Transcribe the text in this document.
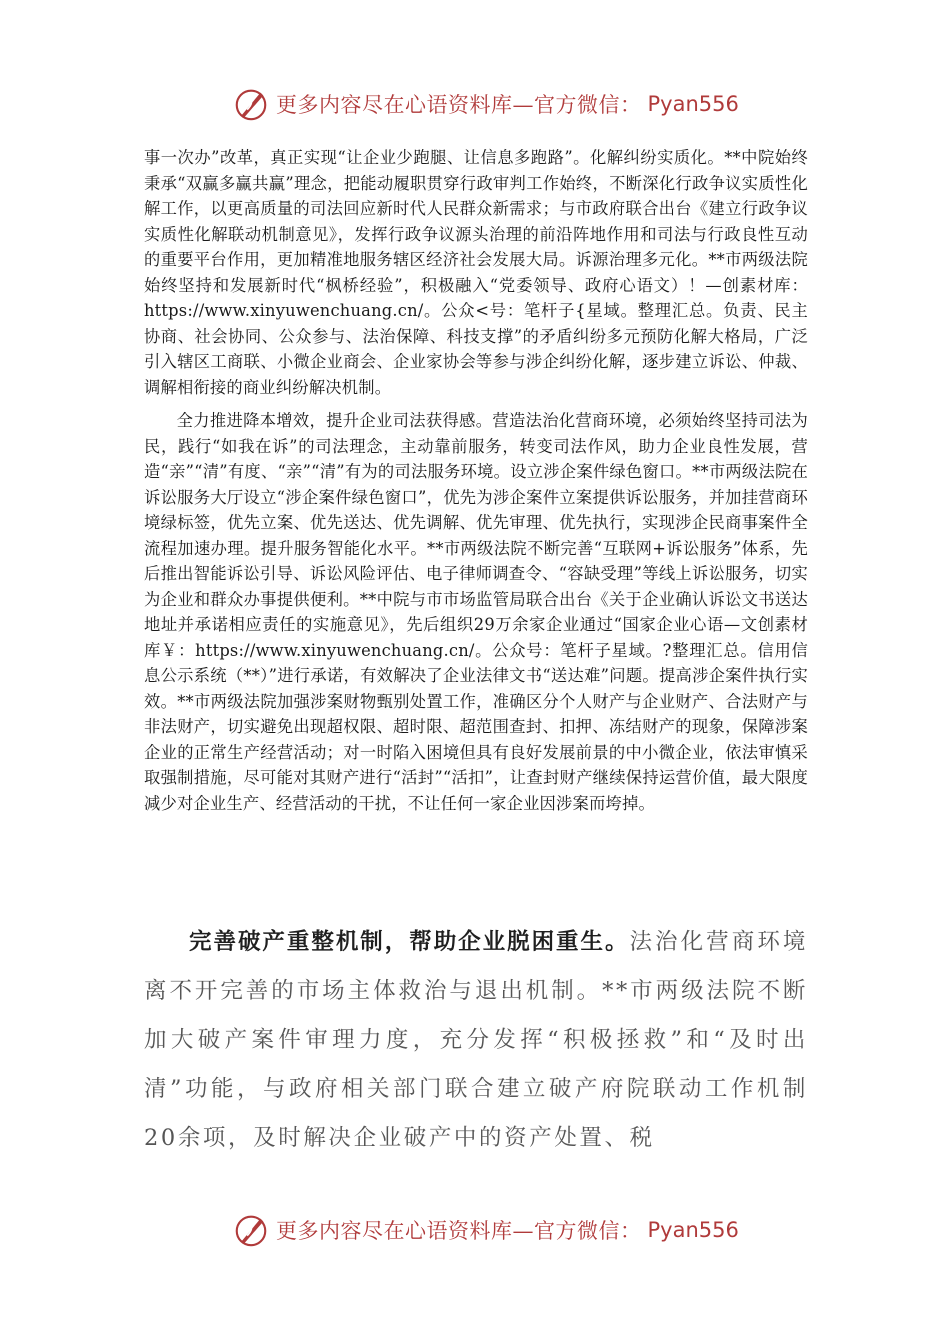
更多内容尽在心语资料库—官方微信： Pyan556

事一次办”改革，真正实现“让企业少跑腿、让信息多跑路”。化解纠纷实质化。**中院始终秉承“双赢多赢共赢”理念，把能动履职贯穿行政审判工作始终，不断深化行政争议实质性化解工作，以更高质量的司法回应新时代人民群众新需求；与市政府联合出台《建立行政争议实质性化解联动机制意见》，发挥行政争议源头治理的前沿阵地作用和司法与行政良性互动的重要平台作用，更加精准地服务辖区经济社会发展大局。诉源治理多元化。**市两级法院始终坚持和发展新时代“枫桥经验”，积极融入“党委领导、政府心语文）！—创素材库：https://www.xinyuwenchuang.cn/。公众<号：笔杆子{星域。整理汇总。负责、民主协商、社会协同、公众参与、法治保障、科技支撑”的矛盾纠纷多元预防化解大格局，广泛引入辖区工商联、小微企业商会、企业家协会等参与涉企纠纷化解，逐步建立诉讼、仲裁、调解相衔接的商业纠纷解决机制。

全力推进降本增效，提升企业司法获得感。营造法治化营商环境，必须始终坚持司法为民，践行“如我在诉”的司法理念，主动靠前服务，转变司法作风，助力企业良性发展，营造“亲”“清”有度、“亲”“清”有为的司法服务环境。设立涉企案件绿色窗口。**市两级法院在诉讼服务大厅设立“涉企案件绿色窗口”，优先为涉企案件立案提供诉讼服务，并加挂营商环境绿标签，优先立案、优先送达、优先调解、优先审理、优先执行，实现涉企民商事案件全流程加速办理。提升服务智能化水平。**市两级法院不断完善“互联网+诉讼服务”体系，先后推出智能诉讼引导、诉讼风险评估、电子律师调查令、“容缺受理”等线上诉讼服务，切实为企业和群众办事提供便利。**中院与市市场监管局联合出台《关于企业确认诉讼文书送达地址并承诺相应责任的实施意见》，先后组织29万余家企业通过“国家企业心语—文创素材库￥：https://www.xinyuwenchuang.cn/。公众号：笔杆子星域。?整理汇总。信用信息公示系统（**）”进行承诺，有效解决了企业法律文书“送达难”问题。提高涉企案件执行实效。**市两级法院加强涉案财物甄别处置工作，准确区分个人财产与企业财产、合法财产与非法财产，切实避免出现超权限、超时限、超范围查封、扣押、冻结财产的现象，保障涉案企业的正常生产经营活动；对一时陷入困境但具有良好发展前景的中小微企业，依法审慎采取强制措施，尽可能对其财产进行“活封”“活扣”，让查封财产继续保持运营价值，最大限度减少对企业生产、经营活动的干扰，不让任何一家企业因涉案而垮掉。

完善破产重整机制，帮助企业脱困重生。法治化营商环境离不开完善的市场主体救治与退出机制。**市两级法院不断加大破产案件审理力度，充分发挥“积极拯救”和“及时出清”功能，与政府相关部门联合建立破产府院联动工作机制20余项，及时解决企业破产中的资产处置、税

更多内容尽在心语资料库—官方微信： Pyan556
